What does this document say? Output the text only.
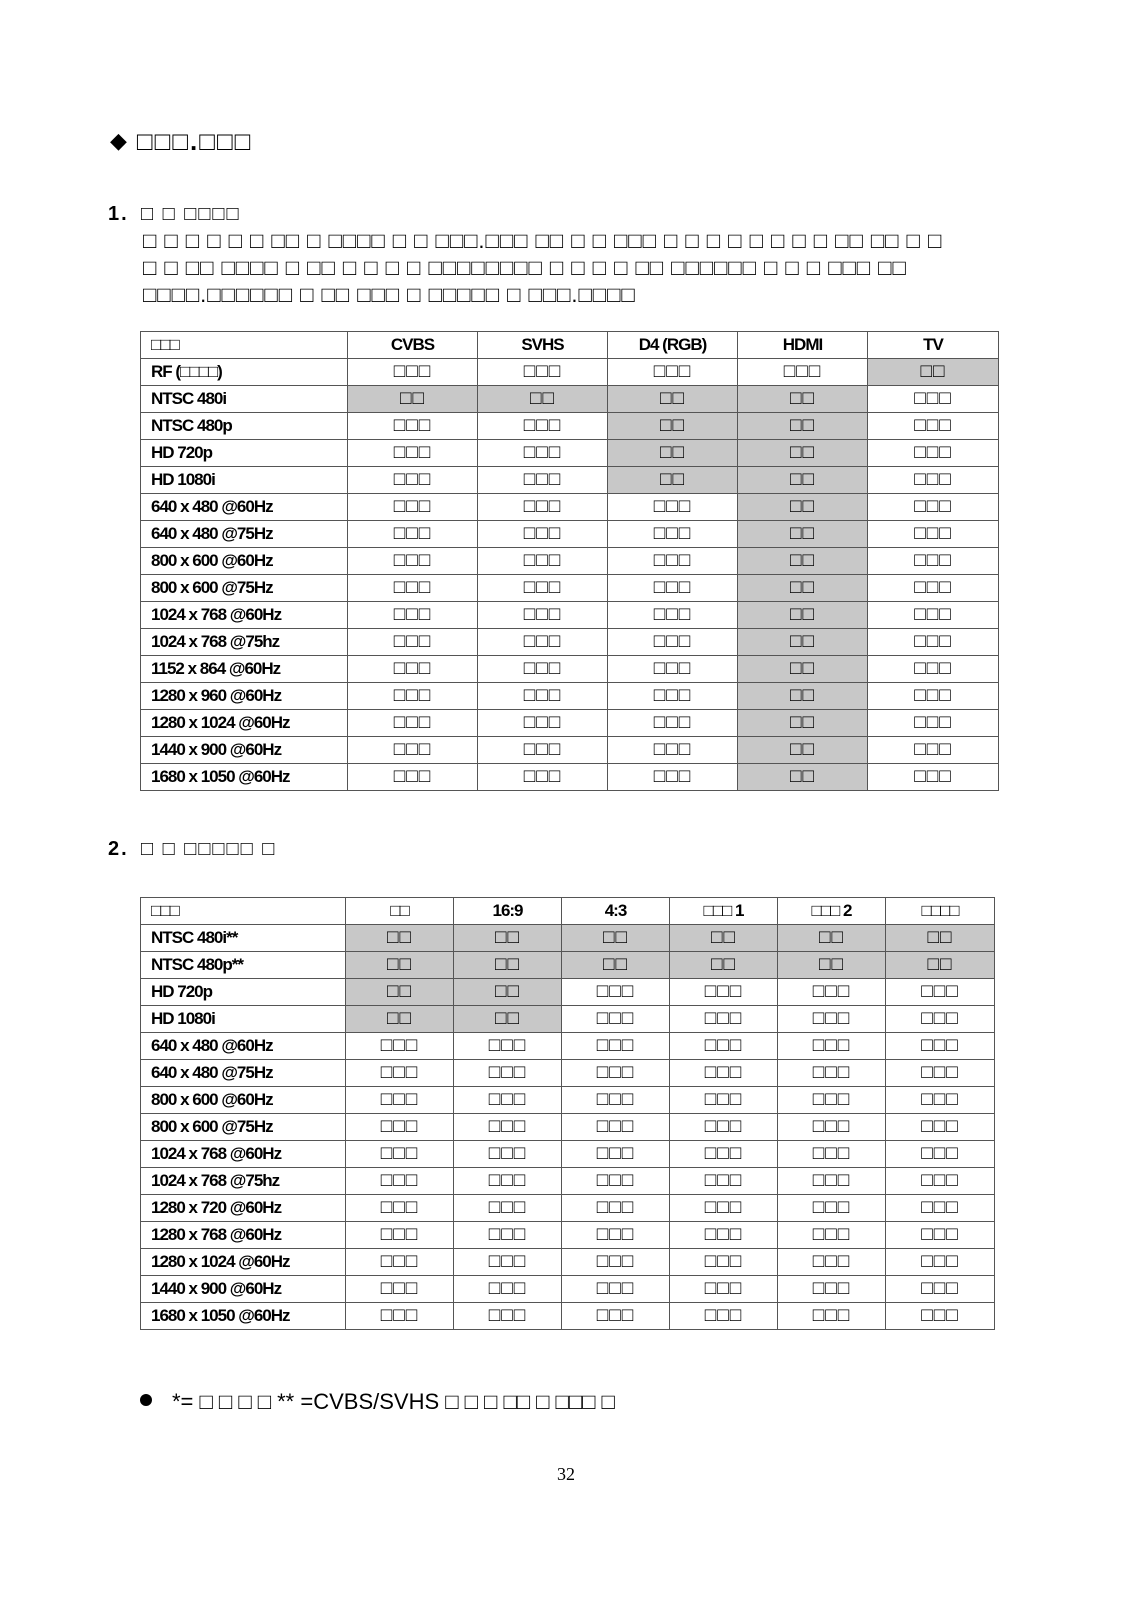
◆ □□□.□□□
1. □ □ □□□□
□ □ □ □ □ □ □□ □ □□□□ □ □ □□□.□□□ □□ □ □ □□□ □ □ □ □ □ □ □ □ □□ □□ □ □
□ □ □□ □□□□ □ □□ □ □ □ □ □□□□□□□□ □ □ □ □ □□ □□□□□□ □ □ □ □□□ □□
□□□□.□□□□□□ □ □□ □□□ □ □□□□□ □ □□□.□□□□
□□□	CVBS	SVHS	D4 (RGB)	HDMI	TV
RF (□□□□)	□□□	□□□	□□□	□□□	□□
NTSC 480i	□□	□□	□□	□□	□□□
NTSC 480p	□□□	□□□	□□	□□	□□□
HD 720p	□□□	□□□	□□	□□	□□□
HD 1080i	□□□	□□□	□□	□□	□□□
640 x 480 @60Hz	□□□	□□□	□□□	□□	□□□
640 x 480 @75Hz	□□□	□□□	□□□	□□	□□□
800 x 600 @60Hz	□□□	□□□	□□□	□□	□□□
800 x 600 @75Hz	□□□	□□□	□□□	□□	□□□
1024 x 768 @60Hz	□□□	□□□	□□□	□□	□□□
1024 x 768 @75hz	□□□	□□□	□□□	□□	□□□
1152 x 864 @60Hz	□□□	□□□	□□□	□□	□□□
1280 x 960 @60Hz	□□□	□□□	□□□	□□	□□□
1280 x 1024 @60Hz	□□□	□□□	□□□	□□	□□□
1440 x 900 @60Hz	□□□	□□□	□□□	□□	□□□
1680 x 1050 @60Hz	□□□	□□□	□□□	□□	□□□
2. □ □ □□□□□ □
□□□	□□	16:9	4:3	□□□ 1	□□□ 2	□□□□
NTSC 480i**	□□	□□	□□	□□	□□	□□
NTSC 480p**	□□	□□	□□	□□	□□	□□
HD 720p	□□	□□	□□□	□□□	□□□	□□□
HD 1080i	□□	□□	□□□	□□□	□□□	□□□
640 x 480 @60Hz	□□□	□□□	□□□	□□□	□□□	□□□
640 x 480 @75Hz	□□□	□□□	□□□	□□□	□□□	□□□
800 x 600 @60Hz	□□□	□□□	□□□	□□□	□□□	□□□
800 x 600 @75Hz	□□□	□□□	□□□	□□□	□□□	□□□
1024 x 768 @60Hz	□□□	□□□	□□□	□□□	□□□	□□□
1024 x 768 @75hz	□□□	□□□	□□□	□□□	□□□	□□□
1280 x 720 @60Hz	□□□	□□□	□□□	□□□	□□□	□□□
1280 x 768 @60Hz	□□□	□□□	□□□	□□□	□□□	□□□
1280 x 1024 @60Hz	□□□	□□□	□□□	□□□	□□□	□□□
1440 x 900 @60Hz	□□□	□□□	□□□	□□□	□□□	□□□
1680 x 1050 @60Hz	□□□	□□□	□□□	□□□	□□□	□□□
*= □ □ □ □ ** =CVBS/SVHS □ □ □ □□ □ □□□ □
32
